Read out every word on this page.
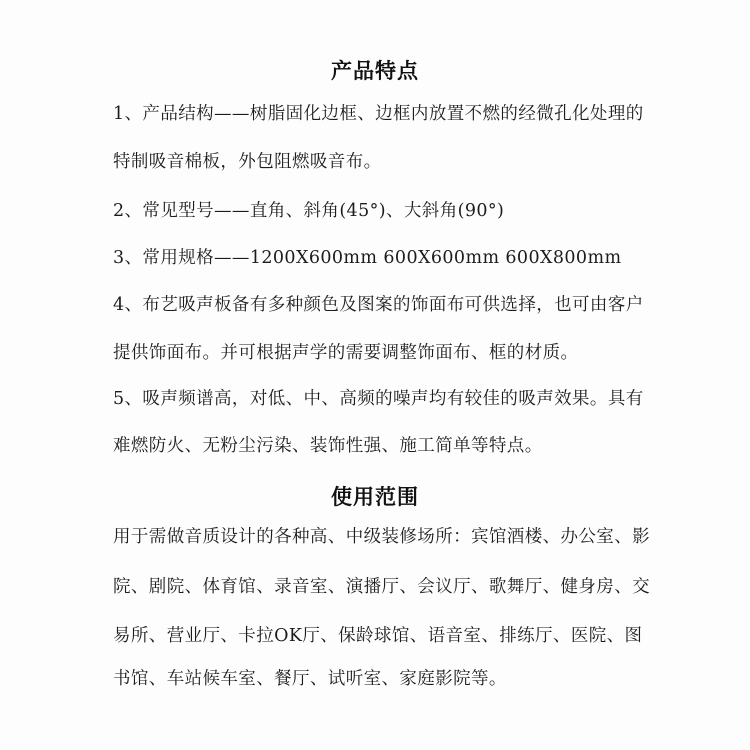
产品特点
1、产品结构——树脂固化边框、边框内放置不燃的经微孔化处理的
特制吸音棉板，外包阻燃吸音布。
2、常见型号——直角、斜角(45°)、大斜角(90°)
3、常用规格——1200X600mm 600X600mm 600X800mm
4、布艺吸声板备有多种颜色及图案的饰面布可供选择，也可由客户
提供饰面布。并可根据声学的需要调整饰面布、框的材质。
5、吸声频谱高，对低、中、高频的噪声均有较佳的吸声效果。具有
难燃防火、无粉尘污染、装饰性强、施工简单等特点。
使用范围
用于需做音质设计的各种高、中级装修场所：宾馆酒楼、办公室、影
院、剧院、体育馆、录音室、演播厅、会议厅、歌舞厅、健身房、交
易所、营业厅、卡拉OK厅、保龄球馆、语音室、排练厅、医院、图
书馆、车站候车室、餐厅、试听室、家庭影院等。
